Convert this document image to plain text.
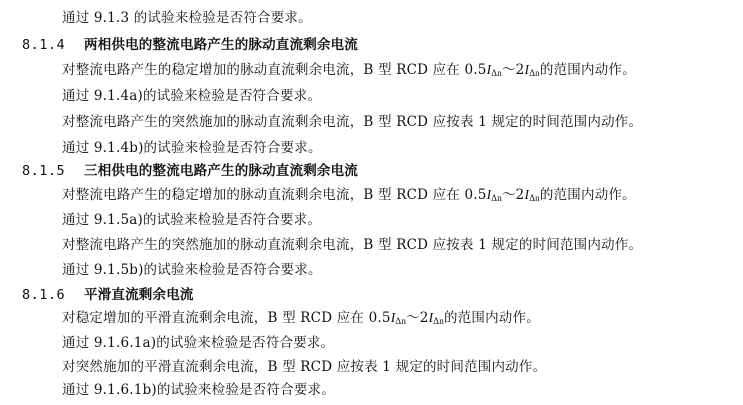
通过 9.1.3 的试验来检验是否符合要求。
8.1.4 两相供电的整流电路产生的脉动直流剩余电流
对整流电路产生的稳定增加的脉动直流剩余电流，B 型 RCD 应在 $0.5I_{\Delta n}\sim 2I_{\Delta n}$的范围内动作。
通过 9.1.4a)的试验来检验是否符合要求。
对整流电路产生的突然施加的脉动直流剩余电流，B 型 RCD 应按表 1 规定的时间范围内动作。
通过 9.1.4b)的试验来检验是否符合要求。
8.1.5 三相供电的整流电路产生的脉动直流剩余电流
对整流电路产生的稳定增加的脉动直流剩余电流，B 型 RCD 应在 $0.5I_{\Delta n}\sim 2I_{\Delta n}$的范围内动作。
通过 9.1.5a)的试验来检验是否符合要求。
对整流电路产生的突然施加的脉动直流剩余电流，B 型 RCD 应按表 1 规定的时间范围内动作。
通过 9.1.5b)的试验来检验是否符合要求。
8.1.6 平滑直流剩余电流
对稳定增加的平滑直流剩余电流，B 型 RCD 应在 $0.5I_{\Delta n}\sim 2I_{\Delta n}$的范围内动作。
通过 9.1.6.1a)的试验来检验是否符合要求。
对突然施加的平滑直流剩余电流，B 型 RCD 应按表 1 规定的时间范围内动作。
通过 9.1.6.1b)的试验来检验是否符合要求。
